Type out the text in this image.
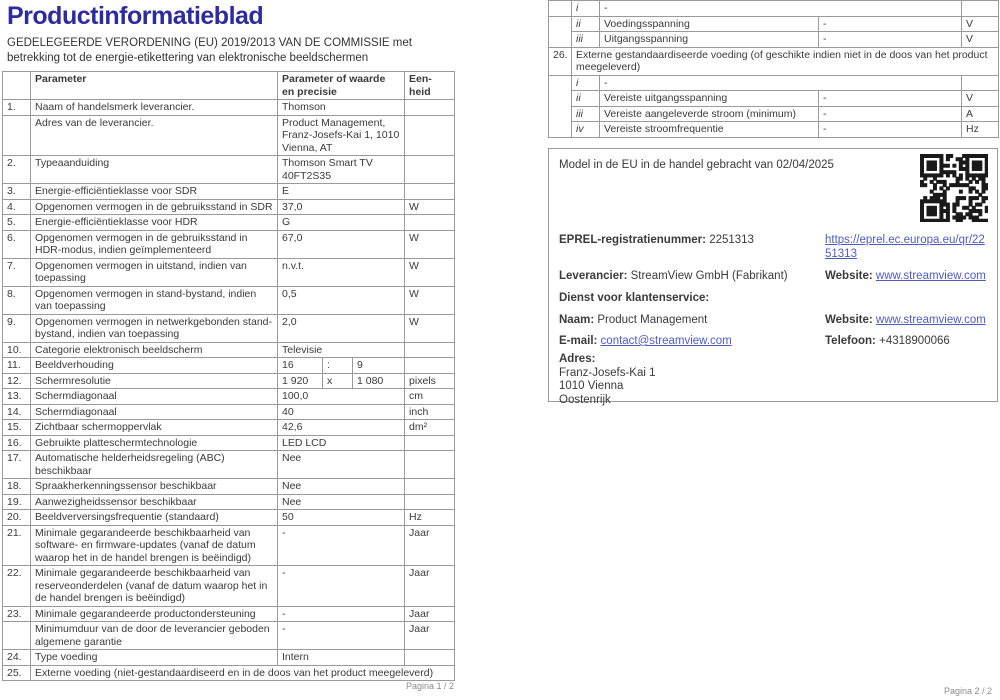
Productinformatieblad

GEDELEGEERDE VERORDENING (EU) 2019/2013 VAN DE COMMISSIE met betrekking tot de energie-etikettering van elektronische beeldschermen

	Parameter	Parameter of waarde en precisie			Een-heid
1.	Naam of handelsmerk leverancier.	Thomson			
	Adres van de leverancier.	Product Management, Franz-Josefs-Kai 1, 1010 Vienna, AT			
2.	Typeaanduiding	Thomson Smart TV 40FT2S35			
3.	Energie-efficiëntieklasse voor SDR	E			
4.	Opgenomen vermogen in de gebruiksstand in SDR	37,0			W
5.	Energie-efficiëntieklasse voor HDR	G			
6.	Opgenomen vermogen in de gebruiksstand in HDR-modus, indien geïmplementeerd	67,0			W
7.	Opgenomen vermogen in uitstand, indien van toepassing	n.v.t.			W
8.	Opgenomen vermogen in stand-bystand, indien van toepassing	0,5			W
9.	Opgenomen vermogen in netwerkgebonden stand-bystand, indien van toepassing	2,0			W
10.	Categorie elektronisch beeldscherm	Televisie			
11.	Beeldverhouding	16	:	9	
12.	Schermresolutie	1 920	x	1 080	pixels
13.	Schermdiagonaal	100,0			cm
14.	Schermdiagonaal	40			inch
15.	Zichtbaar schermoppervlak	42,6			dm²
16.	Gebruikte platteschermtechnologie	LED LCD			
17.	Automatische helderheidsregeling (ABC) beschikbaar	Nee			
18.	Spraakherkenningssensor beschikbaar	Nee			
19.	Aanwezigheidssensor beschikbaar	Nee			
20.	Beeldverversingsfrequentie (standaard)	50			Hz
21.	Minimale gegarandeerde beschikbaarheid van software- en firmware-updates (vanaf de datum waarop het in de handel brengen is beëindigd)	-			Jaar
22.	Minimale gegarandeerde beschikbaarheid van reserveonderdelen (vanaf de datum waarop het in de handel brengen is beëindigd)	-			Jaar
23.	Minimale gegarandeerde productondersteuning	-			Jaar
	Minimumduur van de door de leverancier geboden algemene garantie	-			Jaar
24.	Type voeding	Intern			
25.	Externe voeding (niet-gestandaardiseerd en in de doos van het product meegeleverd)				
Pagina 1 / 2
	i	-		
	ii	Voedingsspanning	-	V
	iii	Uitgangsspanning	-	V
26.	Externe gestandaardiseerde voeding (of geschikte indien niet in de doos van het product meegeleverd)			
	i	-		
	ii	Vereiste uitgangsspanning	-	V
	iii	Vereiste aangeleverde stroom (minimum)	-	A
	iv	Vereiste stroomfrequentie	-	Hz
Model in de EU in de handel gebracht van 02/04/2025
EPREL-registratienummer: 2251313	https://eprel.ec.europa.eu/qr/2251313
Leverancier: StreamView GmbH (Fabrikant)	Website: www.streamview.com
Dienst voor klantenservice:
Naam: Product Management	Website: www.streamview.com
E-mail: contact@streamview.com	Telefoon: +4318900066
Adres:
Franz-Josefs-Kai 1
1010 Vienna
Oostenrijk
Pagina 2 / 2
